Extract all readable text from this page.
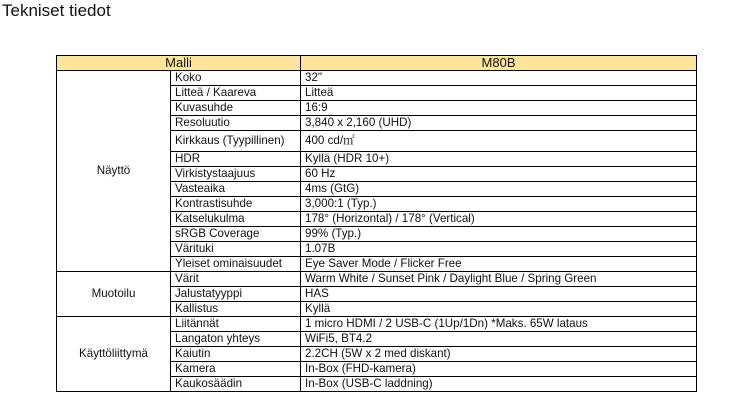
Tekniset tiedot
Malli		M80B
Näyttö	Koko	32"
	Litteä / Kaareva	Litteä
	Kuvasuhde	16:9
	Resoluutio	3,840 x 2,160 (UHD)
	Kirkkaus (Tyypillinen)	400 cd/㎡
	HDR	Kyllä (HDR 10+)
	Virkistystaajuus	60 Hz
	Vasteaika	4ms (GtG)
	Kontrastisuhde	3,000:1 (Typ.)
	Katselukulma	178° (Horizontal) / 178° (Vertical)
	sRGB Coverage	99% (Typ.)
	Värituki	1.07B
	Yleiset ominaisuudet	Eye Saver Mode / Flicker Free
Muotoilu	Värit	Warm White / Sunset Pink / Daylight Blue / Spring Green
	Jalustatyyppi	HAS
	Kallistus	Kyllä
Käyttöliittymä	Liitännät	1 micro HDMI / 2 USB-C (1Up/1Dn) *Maks. 65W lataus
	Langaton yhteys	WiFi5, BT4.2
	Kaiutin	2.2CH (5W x 2 med diskant)
	Kamera	In-Box (FHD-kamera)
	Kaukosäädin	In-Box (USB-C laddning)
